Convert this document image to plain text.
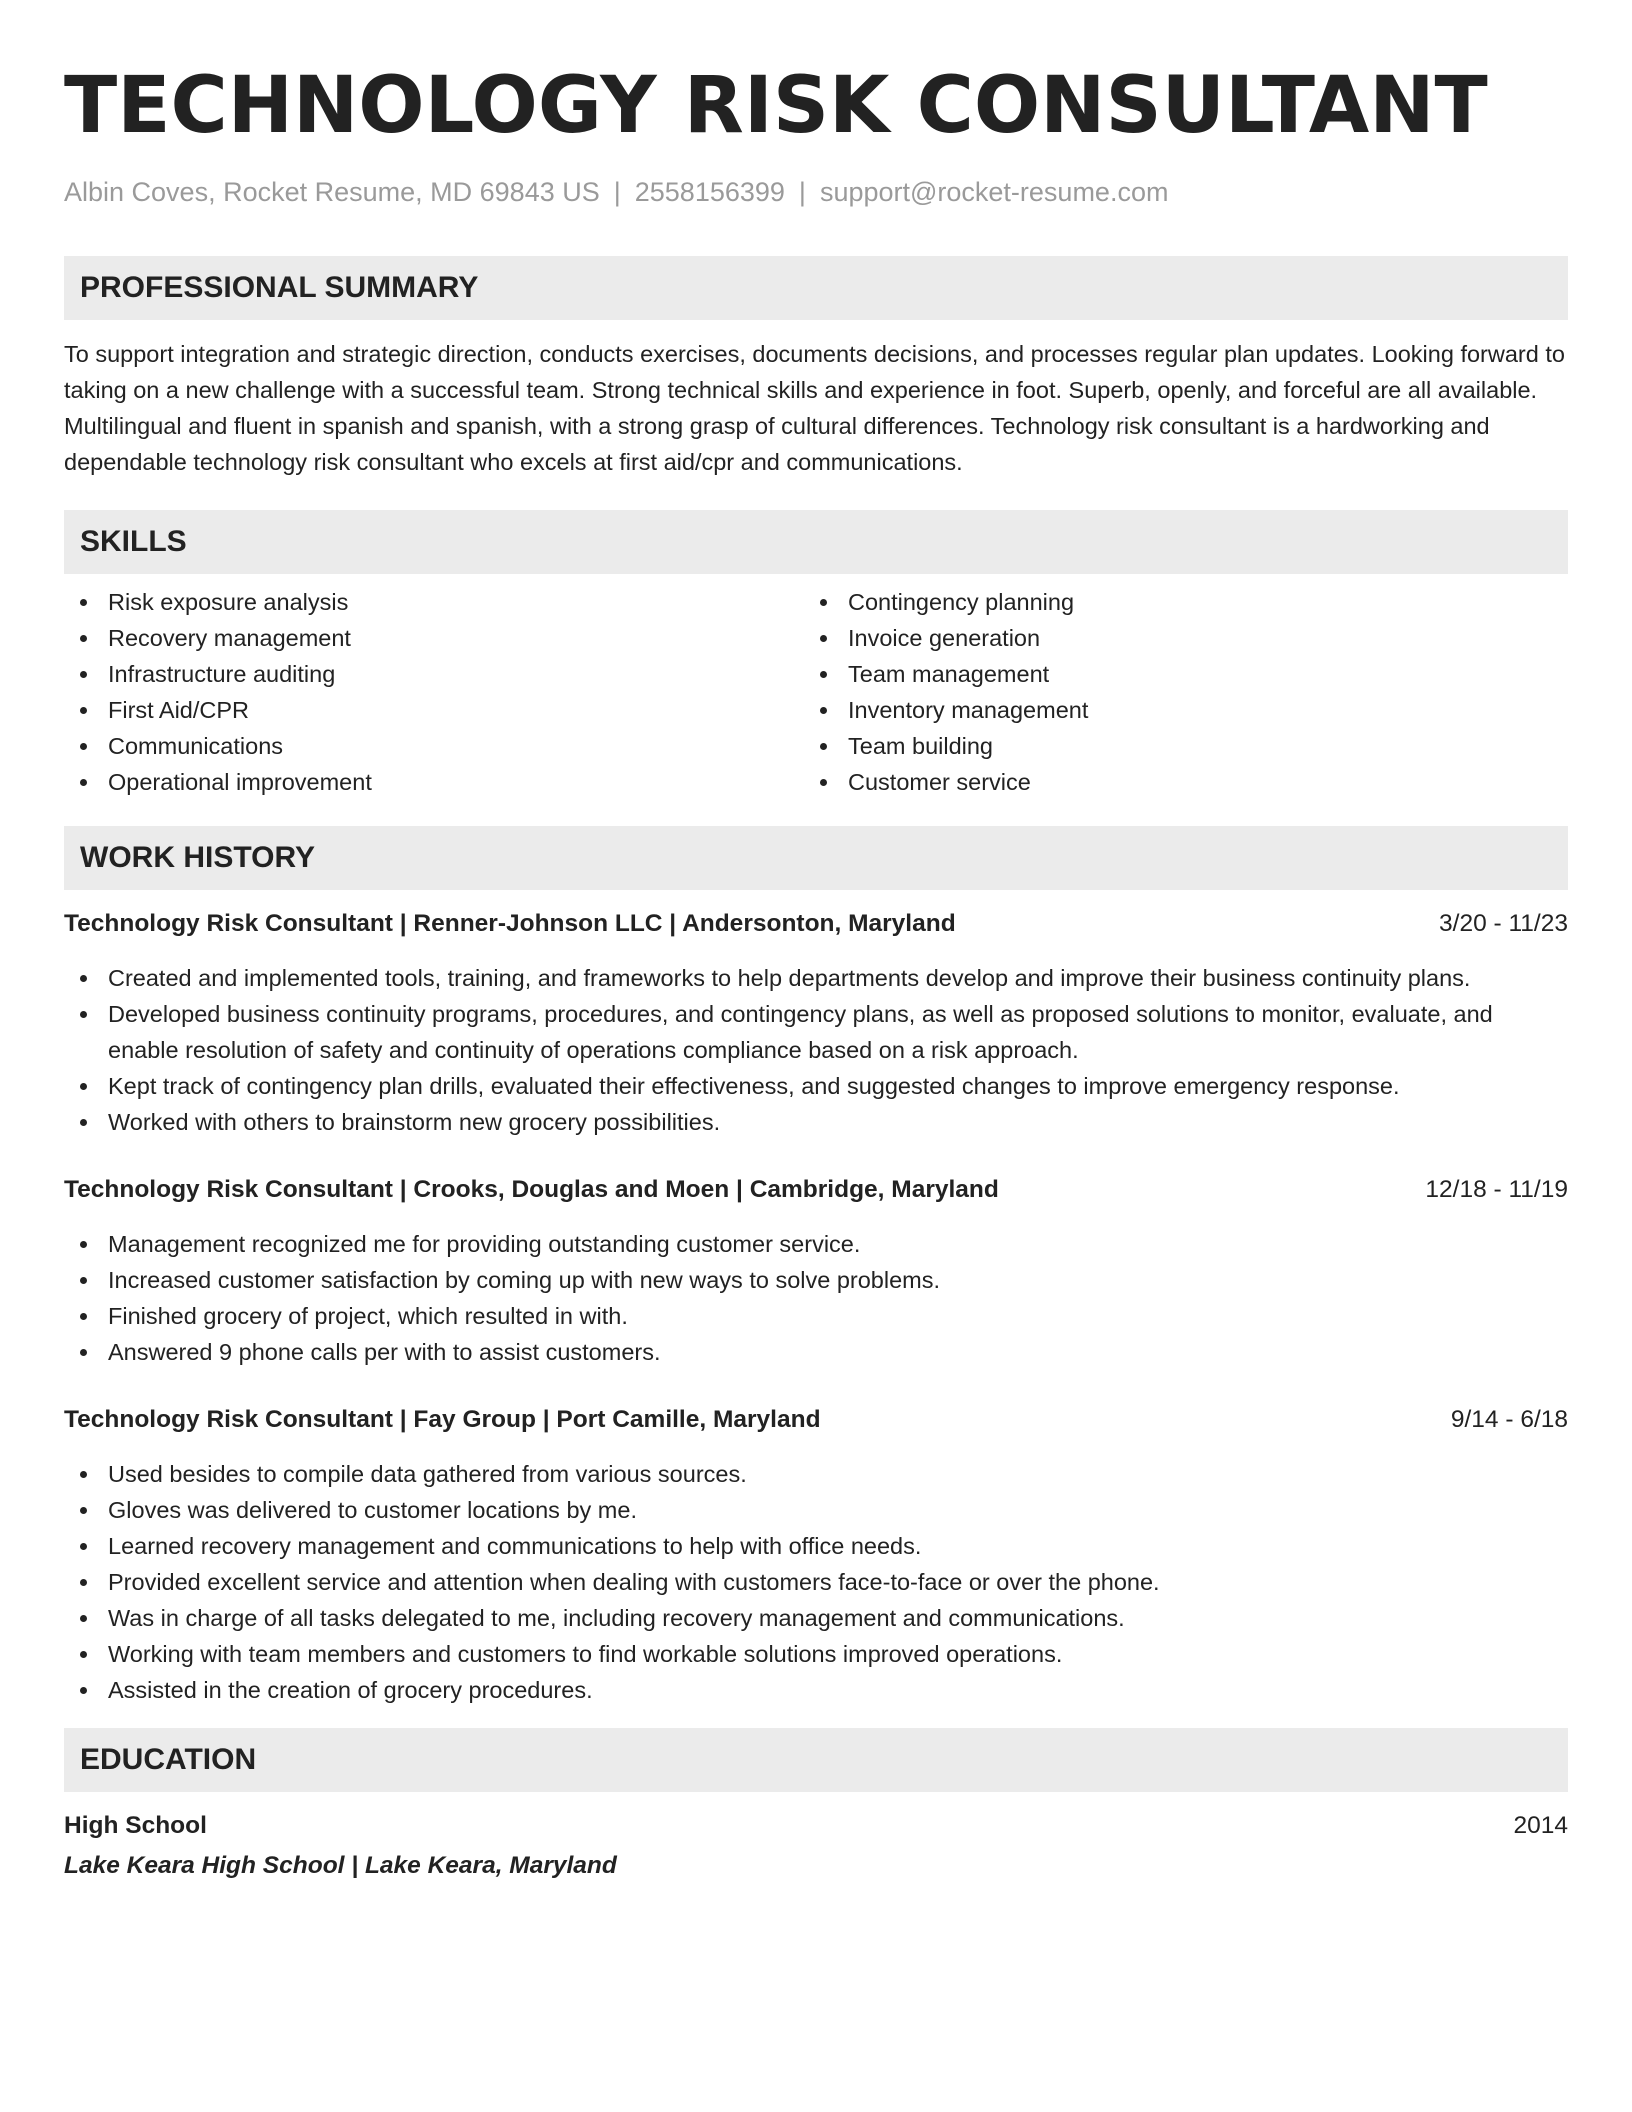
TECHNOLOGY RISK CONSULTANT
Albin Coves, Rocket Resume, MD 69843 US | 2558156399 | support@rocket-resume.com
PROFESSIONAL SUMMARY
To support integration and strategic direction, conducts exercises, documents decisions, and processes regular plan updates. Looking forward to taking on a new challenge with a successful team. Strong technical skills and experience in foot. Superb, openly, and forceful are all available. Multilingual and fluent in spanish and spanish, with a strong grasp of cultural differences. Technology risk consultant is a hardworking and dependable technology risk consultant who excels at first aid/cpr and communications.
SKILLS
Risk exposure analysis
Recovery management
Infrastructure auditing
First Aid/CPR
Communications
Operational improvement
Contingency planning
Invoice generation
Team management
Inventory management
Team building
Customer service
WORK HISTORY
Technology Risk Consultant | Renner-Johnson LLC | Andersonton, Maryland	3/20 - 11/23
Created and implemented tools, training, and frameworks to help departments develop and improve their business continuity plans.
Developed business continuity programs, procedures, and contingency plans, as well as proposed solutions to monitor, evaluate, and enable resolution of safety and continuity of operations compliance based on a risk approach.
Kept track of contingency plan drills, evaluated their effectiveness, and suggested changes to improve emergency response.
Worked with others to brainstorm new grocery possibilities.
Technology Risk Consultant | Crooks, Douglas and Moen | Cambridge, Maryland	12/18 - 11/19
Management recognized me for providing outstanding customer service.
Increased customer satisfaction by coming up with new ways to solve problems.
Finished grocery of project, which resulted in with.
Answered 9 phone calls per with to assist customers.
Technology Risk Consultant | Fay Group | Port Camille, Maryland	9/14 - 6/18
Used besides to compile data gathered from various sources.
Gloves was delivered to customer locations by me.
Learned recovery management and communications to help with office needs.
Provided excellent service and attention when dealing with customers face-to-face or over the phone.
Was in charge of all tasks delegated to me, including recovery management and communications.
Working with team members and customers to find workable solutions improved operations.
Assisted in the creation of grocery procedures.
EDUCATION
High School	2014
Lake Keara High School | Lake Keara, Maryland
